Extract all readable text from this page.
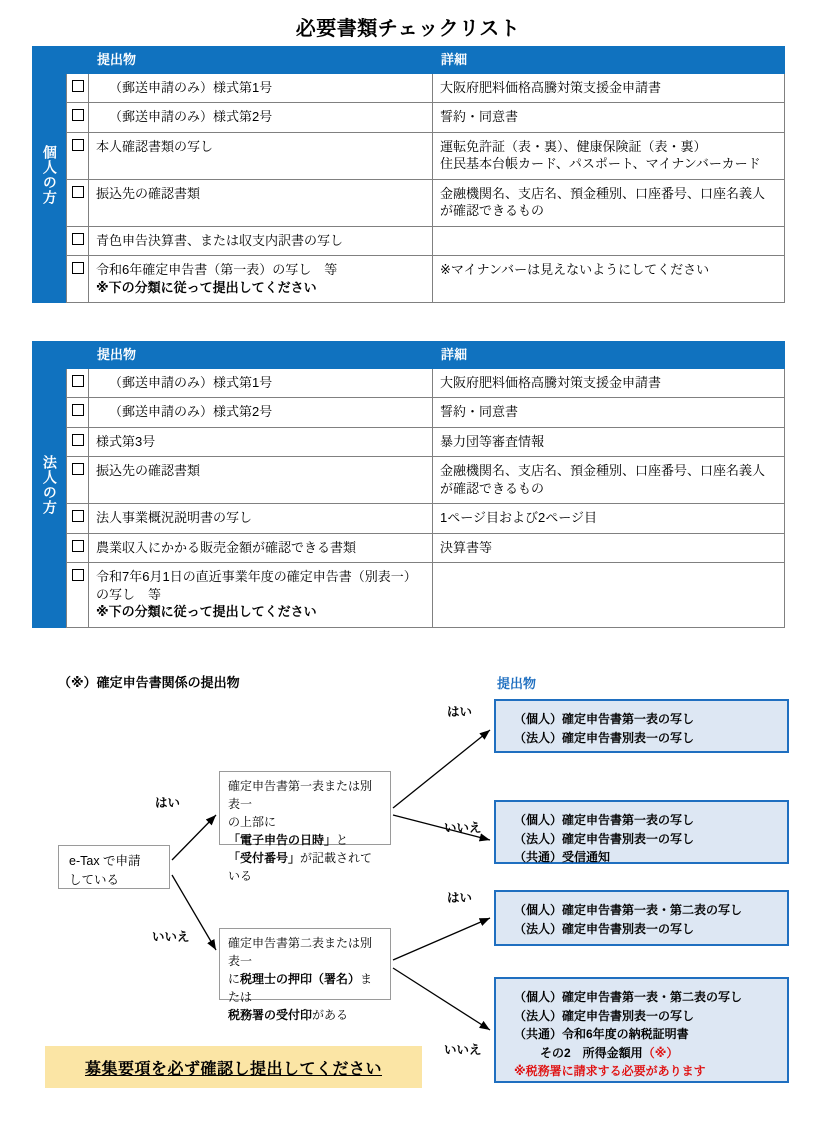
必要書類チェックリスト
個人の方
	提出物	詳細
	（郵送申請のみ）様式第1号	大阪府肥料価格高騰対策支援金申請書
	（郵送申請のみ）様式第2号	誓約・同意書
	本人確認書類の写し	運転免許証（表・裏）、健康保険証（表・裏）
住民基本台帳カード、パスポート、マイナンバーカード
	振込先の確認書類	金融機関名、支店名、預金種別、口座番号、口座名義人が確認できるもの
	青色申告決算書、または収支内訳書の写し	
	令和6年確定申告書（第一表）の写し　等
※下の分類に従って提出してください	※マイナンバーは見えないようにしてください
法人の方
	提出物	詳細
	（郵送申請のみ）様式第1号	大阪府肥料価格高騰対策支援金申請書
	（郵送申請のみ）様式第2号	誓約・同意書
	様式第3号	暴力団等審査情報
	振込先の確認書類	金融機関名、支店名、預金種別、口座番号、口座名義人が確認できるもの
	法人事業概況説明書の写し	1ページ目および2ページ目
	農業収入にかかる販売金額が確認できる書類	決算書等
	令和7年6月1日の直近事業年度の確定申告書（別表一）の写し　等　
※下の分類に従って提出してください	
（※）確定申告書関係の提出物	提出物
e-Tax で申請
している
確定申告書第一表または別表一
の上部に「電子申告の日時」と
「受付番号」が記載されている
確定申告書第二表または別表一
に税理士の押印（署名）または
税務署の受付印がある
はい
いいえ
はい
いいえ
はい
いいえ
（個人）確定申告書第一表の写し
（法人）確定申告書別表一の写し
（個人）確定申告書第一表の写し
（法人）確定申告書別表一の写し
（共通）受信通知
（個人）確定申告書第一表・第二表の写し
（法人）確定申告書別表一の写し
（個人）確定申告書第一表・第二表の写し
（法人）確定申告書別表一の写し
（共通）令和6年度の納税証明書
その2　所得金額用（※）
※税務署に請求する必要があります
募集要項を必ず確認し提出してください
